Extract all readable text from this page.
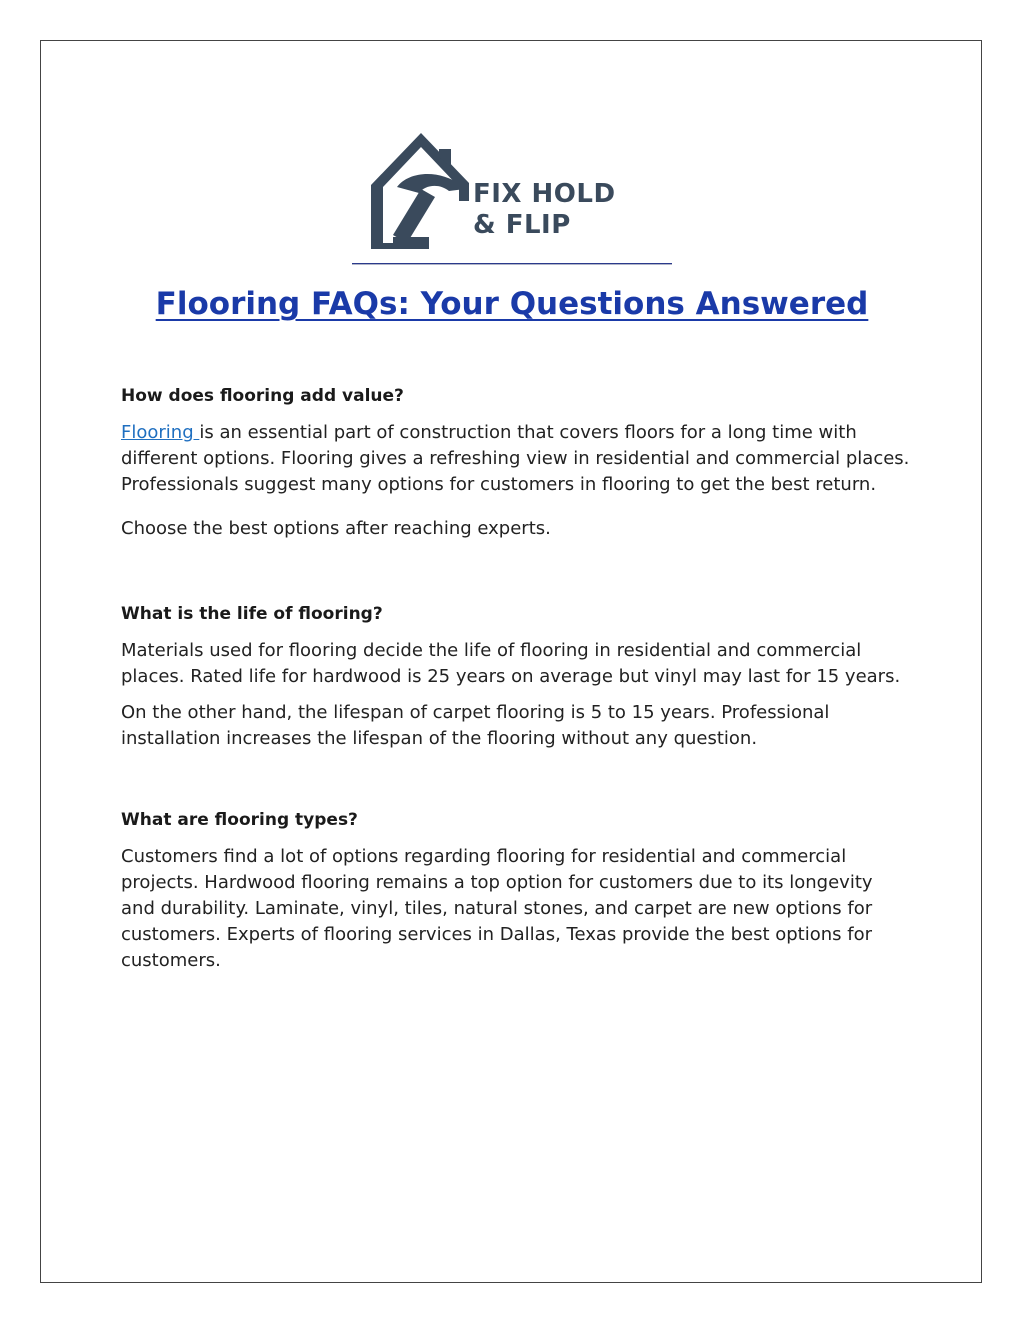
FIX HOLD
& FLIP
Flooring FAQs: Your Questions Answered

How does flooring add value?

Flooring is an essential part of construction that covers floors for a long time with different options. Flooring gives a refreshing view in residential and commercial places. Professionals suggest many options for customers in flooring to get the best return.

Choose the best options after reaching experts.

What is the life of flooring?

Materials used for flooring decide the life of flooring in residential and commercial places. Rated life for hardwood is 25 years on average but vinyl may last for 15 years.

On the other hand, the lifespan of carpet flooring is 5 to 15 years. Professional installation increases the lifespan of the flooring without any question.

What are flooring types?

Customers find a lot of options regarding flooring for residential and commercial projects. Hardwood flooring remains a top option for customers due to its longevity and durability. Laminate, vinyl, tiles, natural stones, and carpet are new options for customers. Experts of flooring services in Dallas, Texas provide the best options for customers.
